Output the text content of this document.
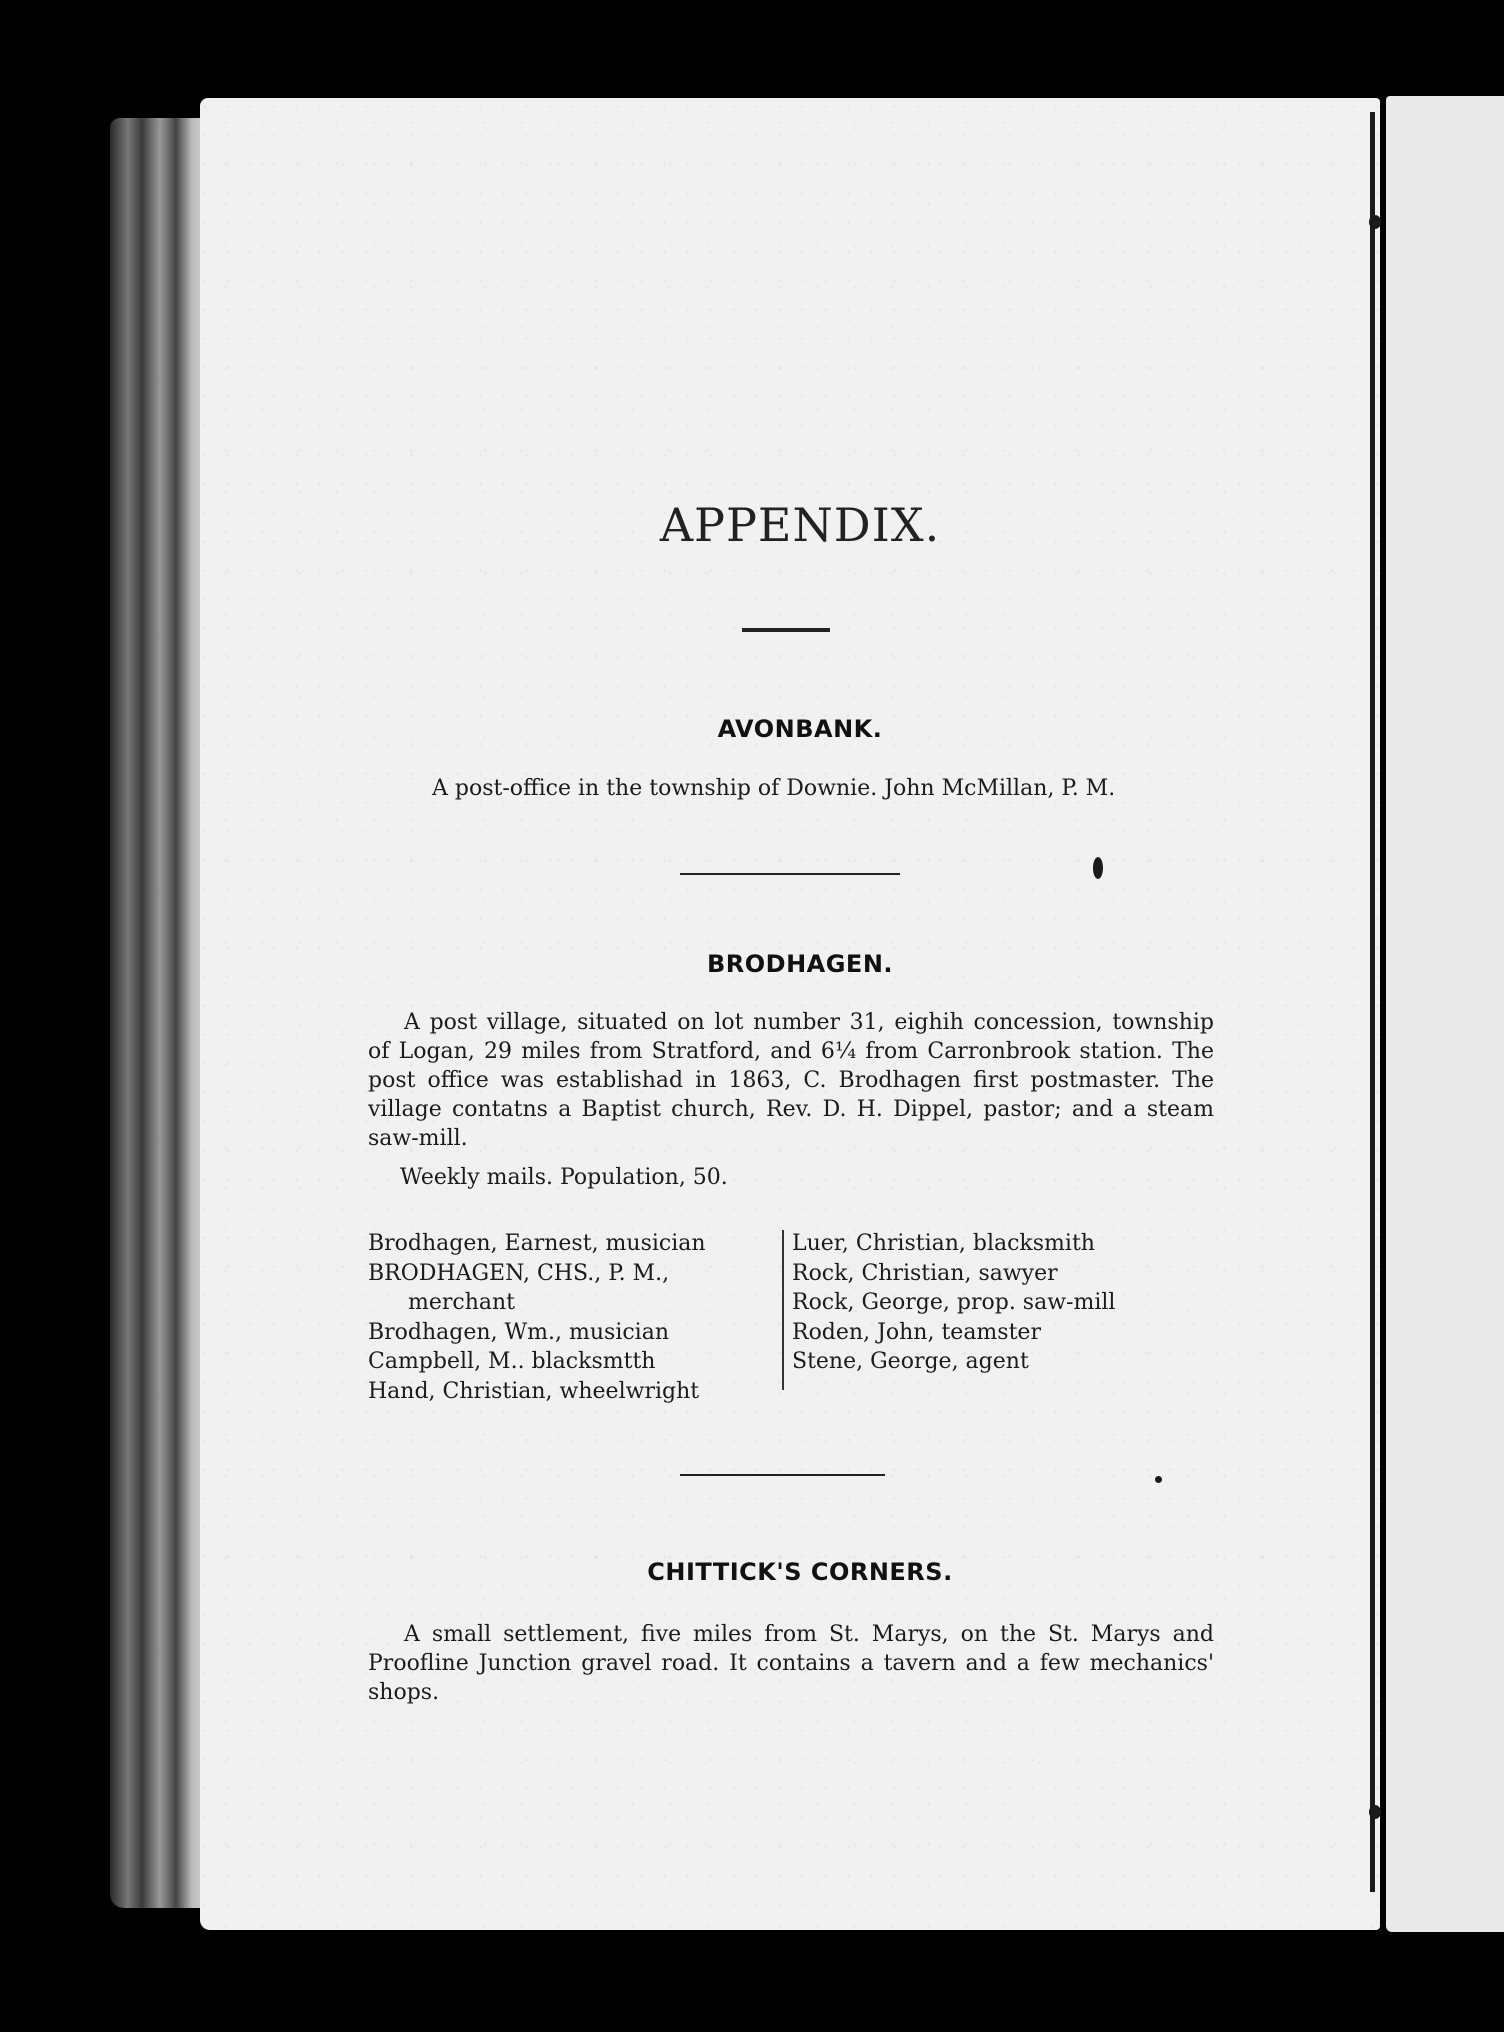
APPENDIX.
AVONBANK.
A post-office in the township of Downie. John McMillan, P. M.
BRODHAGEN.
A post village, situated on lot number 31, eighih concession, township of Logan, 29 miles from Stratford, and 6¼ from Carronbrook station. The post office was establishad in 1863, C. Brodhagen first postmaster. The village contatns a Baptist church, Rev. D. H. Dippel, pastor; and a steam saw-mill.
Weekly mails. Population, 50.
Brodhagen, Earnest, musician
BRODHAGEN, CHS., P. M.,
merchant
Brodhagen, Wm., musician
Campbell, M.. blacksmtth
Hand, Christian, wheelwright
Luer, Christian, blacksmith
Rock, Christian, sawyer
Rock, George, prop. saw-mill
Roden, John, teamster
Stene, George, agent
CHITTICK'S CORNERS.
A small settlement, five miles from St. Marys, on the St. Marys and Proofline Junction gravel road. It contains a tavern and a few mechanics' shops.
